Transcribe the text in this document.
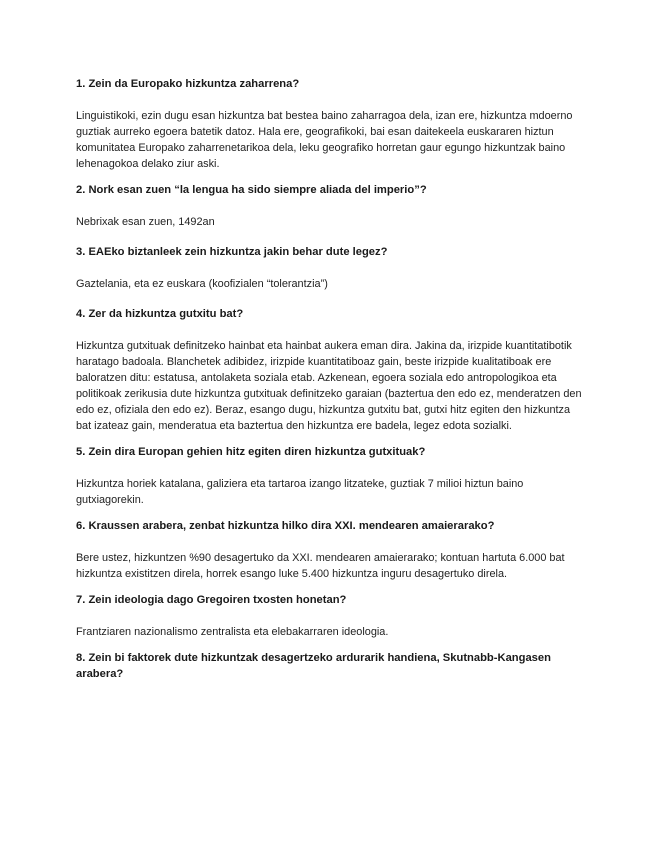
1. Zein da Europako hizkuntza zaharrena?

Linguistikoki, ezin dugu esan hizkuntza bat bestea baino zaharragoa dela, izan ere, hizkuntza mdoerno guztiak aurreko egoera batetik datoz. Hala ere, geografikoki, bai esan daitekeela euskararen hiztun komunitatea Europako zaharrenetarikoa dela, leku geografiko horretan gaur egungo hizkuntzak baino lehenagokoa delako ziur aski.

2. Nork esan zuen “la lengua ha sido siempre aliada del imperio”?

Nebrixak esan zuen, 1492an

3. EAEko biztanleek zein hizkuntza jakin behar dute legez?

Gaztelania, eta ez euskara (koofizialen “tolerantzia”)

4. Zer da hizkuntza gutxitu bat?

Hizkuntza gutxituak definitzeko hainbat eta hainbat aukera eman dira. Jakina da, irizpide kuantitatibotik haratago badoala. Blanchetek adibidez, irizpide kuantitatiboaz gain, beste irizpide kualitatiboak ere baloratzen ditu: estatusa, antolaketa soziala etab. Azkenean, egoera soziala edo antropologikoa eta politikoak zerikusia dute hizkuntza gutxituak definitzeko garaian (baztertua den edo ez, menderatzen den edo ez, ofiziala den edo ez). Beraz, esango dugu, hizkuntza gutxitu bat, gutxi hitz egiten den hizkuntza bat izateaz gain, menderatua eta baztertua den hizkuntza ere badela, legez edota sozialki.

5. Zein dira Europan gehien hitz egiten diren hizkuntza gutxituak?

Hizkuntza horiek katalana, galiziera eta tartaroa izango litzateke, guztiak 7 milioi hiztun baino gutxiagorekin.

6. Kraussen arabera, zenbat hizkuntza hilko dira XXI. mendearen amaierarako?

Bere ustez, hizkuntzen %90 desagertuko da XXI. mendearen amaierarako; kontuan hartuta 6.000 bat hizkuntza existitzen direla, horrek esango luke 5.400 hizkuntza inguru desagertuko direla.

7. Zein ideologia dago Gregoiren txosten honetan?

Frantziaren nazionalismo zentralista eta elebakarraren ideologia.

8. Zein bi faktorek dute hizkuntzak desagertzeko ardurarik handiena, Skutnabb-Kangasen arabera?
